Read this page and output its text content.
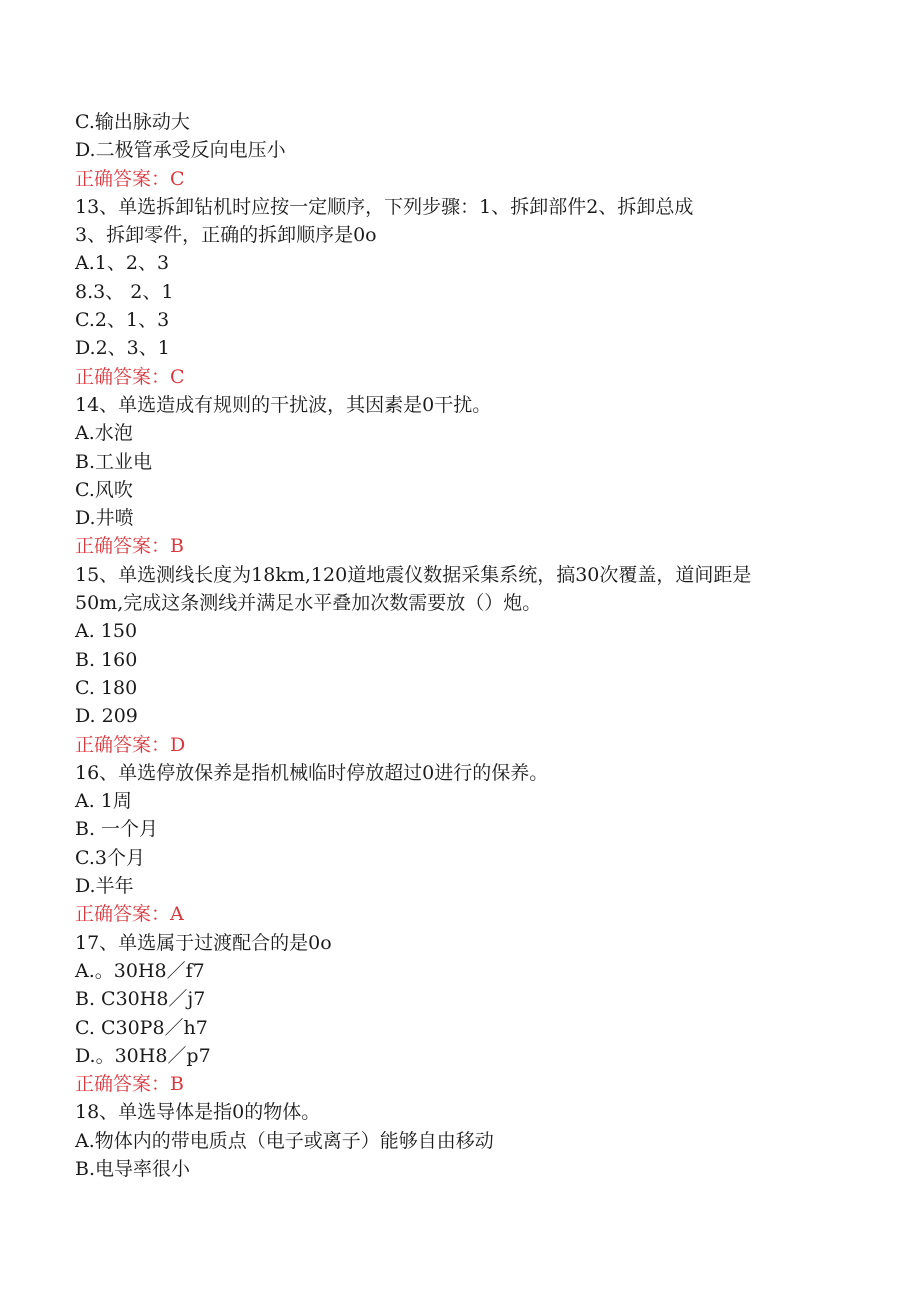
C.输出脉动大
D.二极管承受反向电压小
正确答案：C
13、单选拆卸钻机时应按一定顺序，下列步骤：1、拆卸部件2、拆卸总成
3、拆卸零件，正确的拆卸顺序是0o
A.1、2、3
8.3、 2、1
C.2、1、3
D.2、3、1
正确答案：C
14、单选造成有规则的干扰波，其因素是0干扰。
A.水泡
B.工业电
C.风吹
D.井喷
正确答案：B
15、单选测线长度为18km,120道地震仪数据采集系统，搞30次覆盖，道间距是
50m,完成这条测线并满足水平叠加次数需要放（）炮。
A. 150
B. 160
C. 180
D. 209
正确答案：D
16、单选停放保养是指机械临时停放超过0进行的保养。
A. 1周
B. 一个月
C.3个月
D.半年
正确答案：A
17、单选属于过渡配合的是0o
A.。30H8／f7
B. C30H8／j7
C. C30P8／h7
D.。30H8／p7
正确答案：B
18、单选导体是指0的物体。
A.物体内的带电质点（电子或离子）能够自由移动
B.电导率很小
